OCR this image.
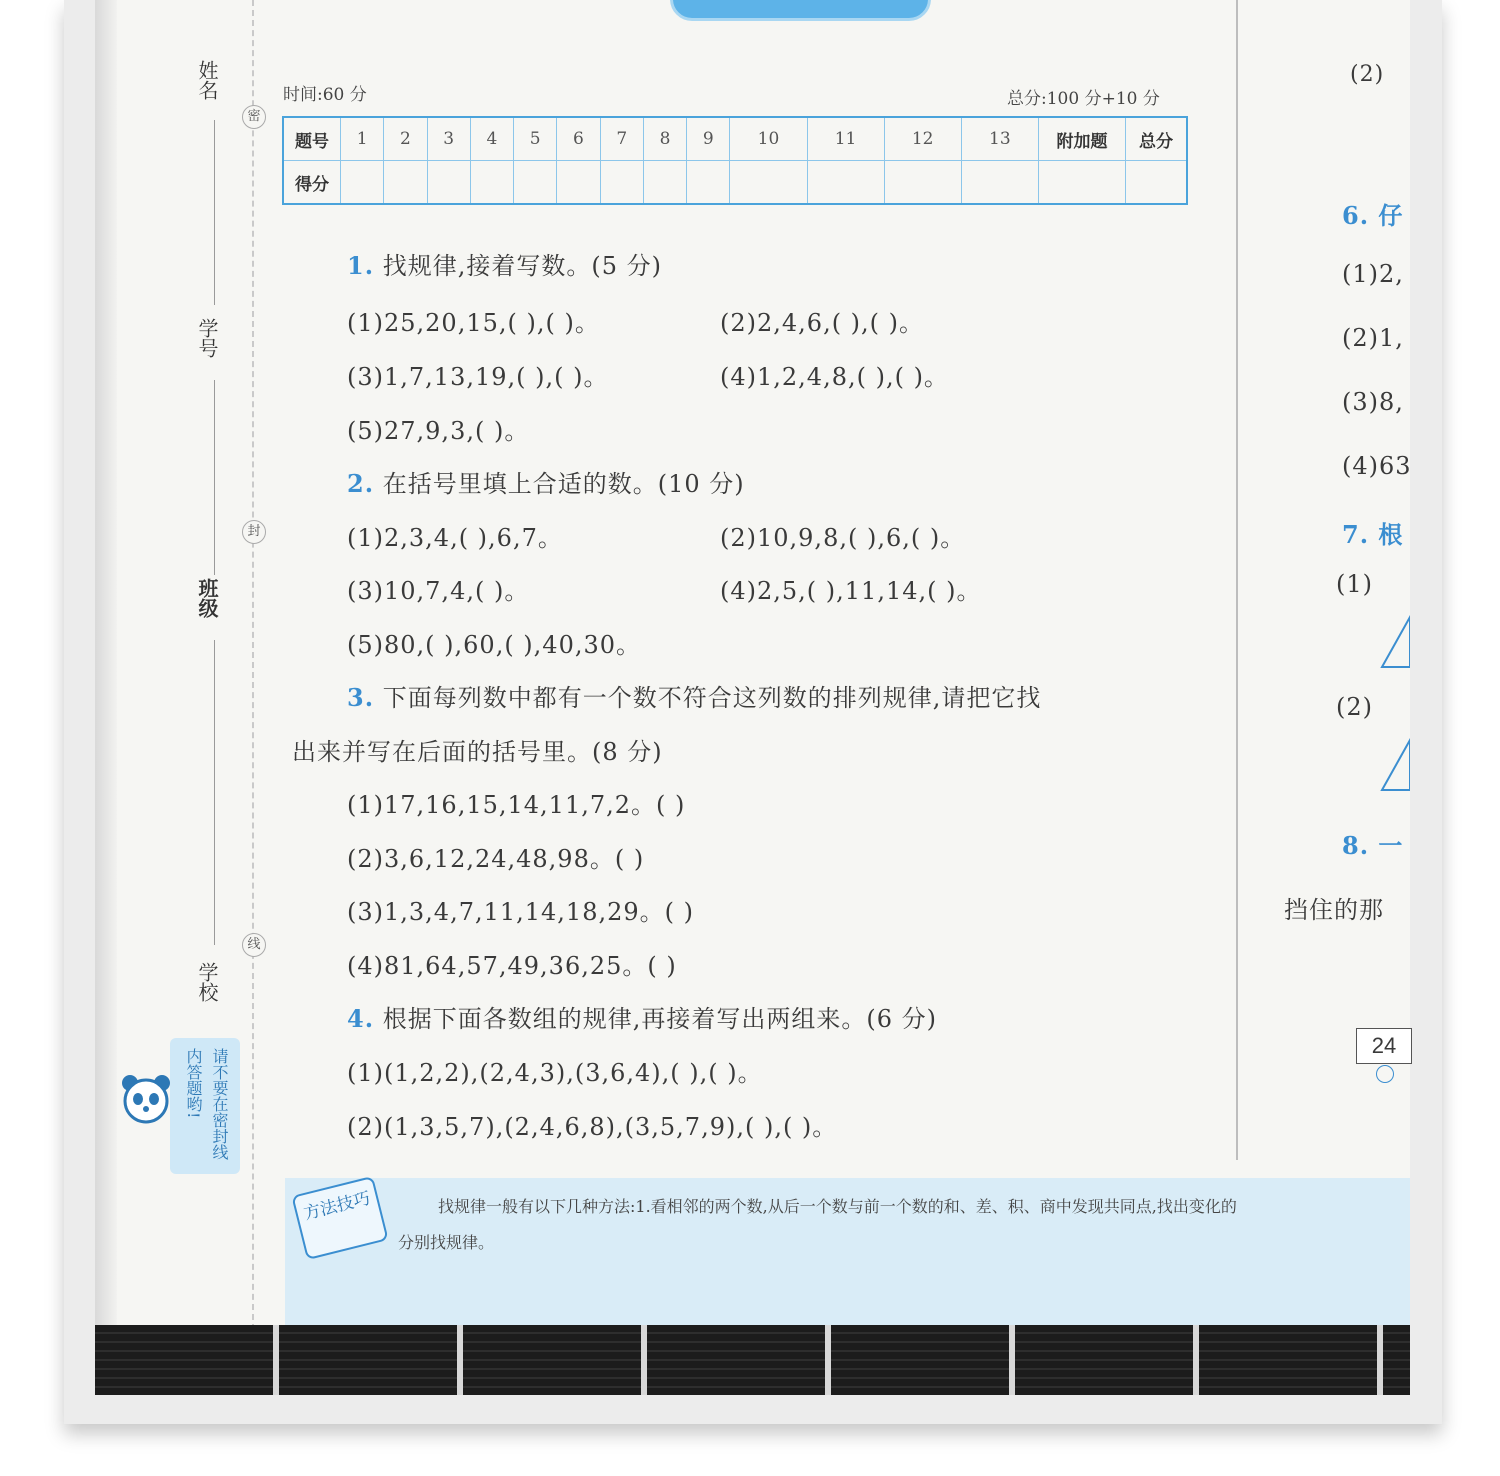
姓名
学号
班级
学校
密
封
线
时间:60 分	总分:100 分+10 分
题号	1	2	3	4	5	6	7	8	9	10	11	12	13	附加题	总分
得分															
1. 找规律,接着写数。(5 分)
(1)25,20,15,( ),( )。	(2)2,4,6,( ),( )。
(3)1,7,13,19,( ),( )。	(4)1,2,4,8,( ),( )。
(5)27,9,3,( )。
2. 在括号里填上合适的数。(10 分)
(1)2,3,4,( ),6,7。	(2)10,9,8,( ),6,( )。
(3)10,7,4,( )。	(4)2,5,( ),11,14,( )。
(5)80,( ),60,( ),40,30。
3. 下面每列数中都有一个数不符合这列数的排列规律,请把它找
出来并写在后面的括号里。(8 分)
(1)17,16,15,14,11,7,2。( )
(2)3,6,12,24,48,98。( )
(3)1,3,4,7,11,14,18,29。( )
(4)81,64,57,49,36,25。( )
4. 根据下面各数组的规律,再接着写出两组来。(6 分)
(1)(1,2,2),(2,4,3),(3,6,4),( ),( )。
(2)(1,3,5,7),(2,4,6,8),(3,5,7,9),( ),( )。
(2)
6. 仔
(1)2,
(2)1,
(3)8,
(4)63
7. 根
(1)
(2)
8. 一
挡住的那
24
请不要在密封线内答题哟!
方法技巧	找规律一般有以下几种方法:1.看相邻的两个数,从后一个数与前一个数的和、差、积、商中发现共同点,找出变化的
分别找规律。
